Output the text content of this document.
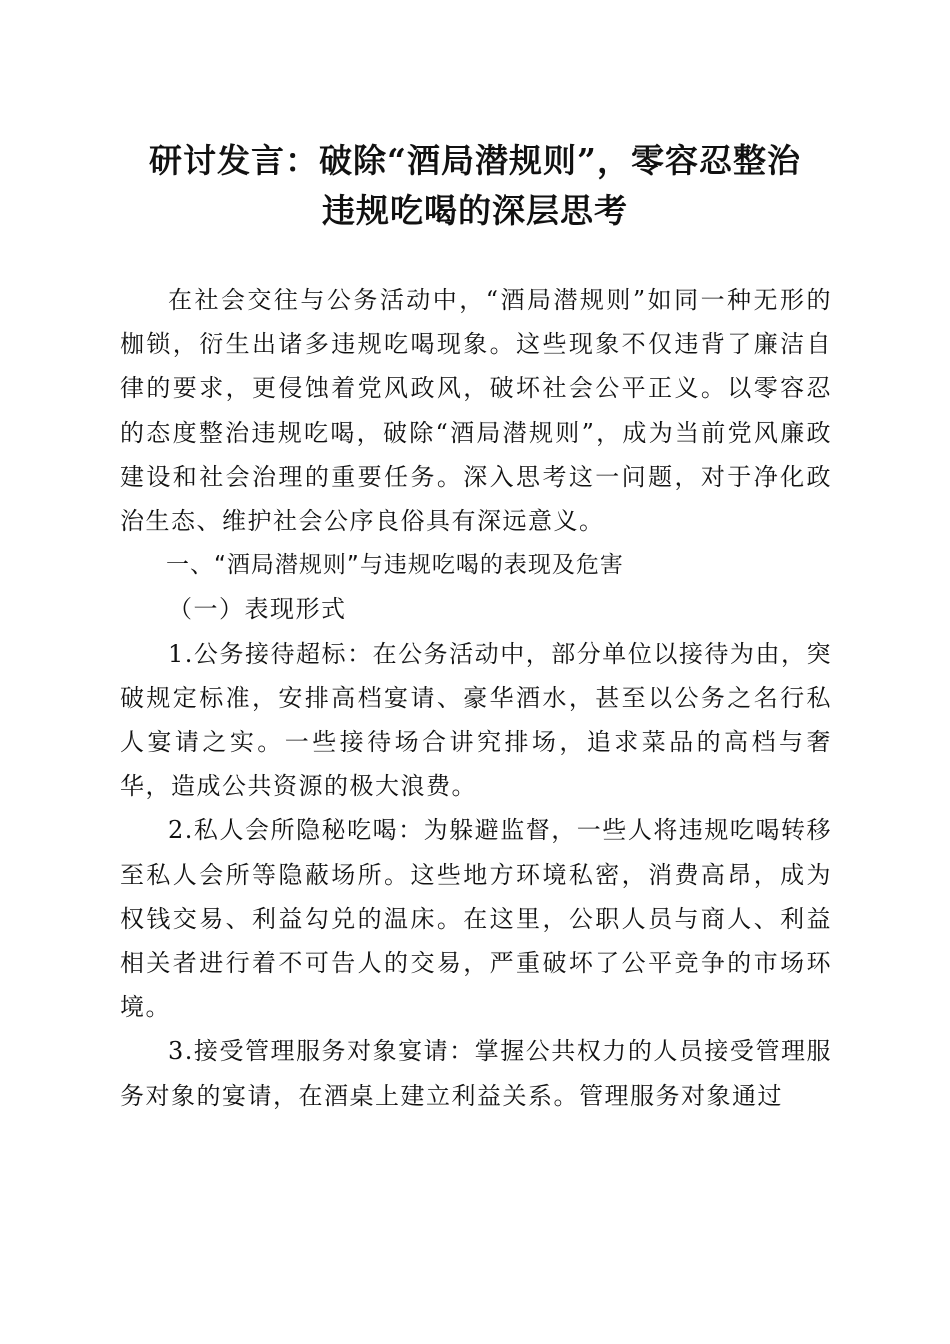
研讨发言：破除“酒局潜规则”，零容忍整治
违规吃喝的深层思考

在社会交往与公务活动中，“酒局潜规则”如同一种无形的枷锁，衍生出诸多违规吃喝现象。这些现象不仅违背了廉洁自律的要求，更侵蚀着党风政风，破坏社会公平正义。以零容忍的态度整治违规吃喝，破除“酒局潜规则”，成为当前党风廉政建设和社会治理的重要任务。深入思考这一问题，对于净化政治生态、维护社会公序良俗具有深远意义。

一、“酒局潜规则”与违规吃喝的表现及危害

（一）表现形式

1.公务接待超标：在公务活动中，部分单位以接待为由，突破规定标准，安排高档宴请、豪华酒水，甚至以公务之名行私人宴请之实。一些接待场合讲究排场，追求菜品的高档与奢华，造成公共资源的极大浪费。

2.私人会所隐秘吃喝：为躲避监督，一些人将违规吃喝转移至私人会所等隐蔽场所。这些地方环境私密，消费高昂，成为权钱交易、利益勾兑的温床。在这里，公职人员与商人、利益相关者进行着不可告人的交易，严重破坏了公平竞争的市场环境。

3.接受管理服务对象宴请：掌握公共权力的人员接受管理服务对象的宴请，在酒桌上建立利益关系。管理服务对象通过
